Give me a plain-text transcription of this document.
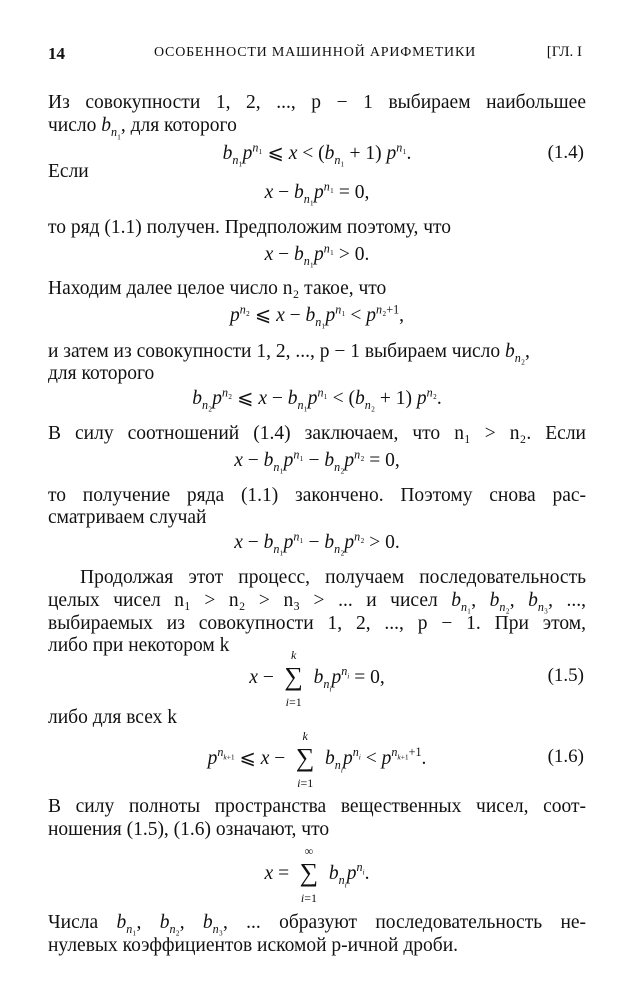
14	ОСОБЕННОСТИ МАШИННОЙ АРИФМЕТИКИ	[ГЛ. I
Из совокупности 1, 2, ..., p − 1 выбираем наибольшее
число $b_{n_1}$, для которого
$b_{n_1}p^{n_1}$ ⩽ $x < (b_{n_1} + 1)$ $p^{n_1}$.	(1.4)
Если
$x - b_{n_1}p^{n_1} = 0$,
то ряд (1.1) получен. Предположим поэтому, что
$x - b_{n_1}p^{n_1} > 0$.
Находим далее целое число n₂ такое, что
$p^{n_2}$ ⩽ $x - b_{n_1}p^{n_1} < p^{n_2+1}$,
и затем из совокупности 1, 2, ..., p − 1 выбираем число $b_{n_2}$,
для которого
$b_{n_2}p^{n_2}$ ⩽ $x - b_{n_1}p^{n_1} < (b_{n_2} + 1)$ $p^{n_2}$.
В силу соотношений (1.4) заключаем, что n₁ > n₂. Если
$x - b_{n_1}p^{n_1} - b_{n_2}p^{n_2} = 0$,
то получение ряда (1.1) закончено. Поэтому снова рас-
сматриваем случай
$x - b_{n_1}p^{n_1} - b_{n_2}p^{n_2} > 0$.
Продолжая этот процесс, получаем последовательность
целых чисел n₁ > n₂ > n₃ > ... и чисел $b_{n_1}$, $b_{n_2}$, $b_{n_3}$, ...,
выбираемых из совокупности 1, 2, ..., p − 1. При этом,
либо при некотором k
x −
k
∑
i=1
$b_{n_i}p^{n_i} = 0$,	(1.5)
либо для всех k
$p^{n_{k+1}}$ ⩽ x −
k
∑
i=1
$b_{n_i}p^{n_i} < p^{n_{k+1}+1}$.	(1.6)
В силу полноты пространства вещественных чисел, соот-
ношения (1.5), (1.6) означают, что
x =
∞
∑
i=1
$b_{n_i}p^{n_i}$.
Числа $b_{n_1}$, $b_{n_2}$, $b_{n_3}$, ... образуют последовательность не-
нулевых коэффициентов искомой p-ичной дроби.
